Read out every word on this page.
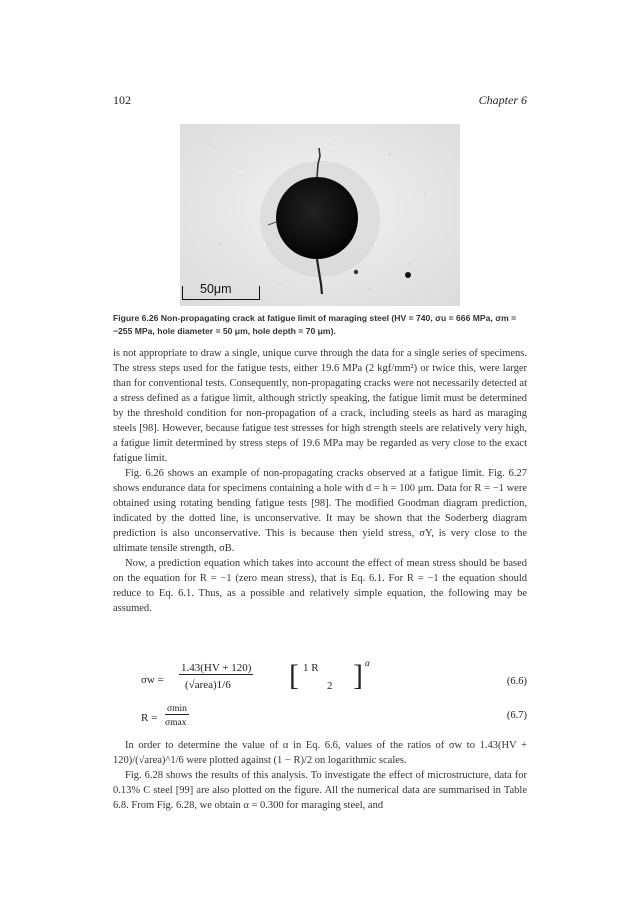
102	Chapter 6
50μm
Figure 6.26 Non-propagating crack at fatigue limit of maraging steel (HV = 740, σu = 666 MPa, σm = −255 MPa, hole diameter = 50 μm, hole depth = 70 μm).

is not appropriate to draw a single, unique curve through the data for a single series of specimens. The stress steps used for the fatigue tests, either 19.6 MPa (2 kgf/mm²) or twice this, were larger than for conventional tests. Consequently, non-propagating cracks were not necessarily detected at a stress defined as a fatigue limit, although strictly speaking, the fatigue limit must be determined by the threshold condition for non-propagation of a crack, including steels as hard as maraging steels [98]. However, because fatigue test stresses for high strength steels are relatively very high, a fatigue limit determined by stress steps of 19.6 MPa may be regarded as very close to the exact fatigue limit.

Fig. 6.26 shows an example of non-propagating cracks observed at a fatigue limit. Fig. 6.27 shows endurance data for specimens containing a hole with d = h = 100 μm. Data for R = −1 were obtained using rotating bending fatigue tests [98]. The modified Goodman diagram prediction, indicated by the dotted line, is unconservative. It may be shown that the Soderberg diagram prediction is also unconservative. This is because then yield stress, σY, is very close to the ultimate tensile strength, σB.

Now, a prediction equation which takes into account the effect of mean stress should be based on the equation for R = −1 (zero mean stress), that is Eq. 6.1. For R = −1 the equation should reduce to Eq. 6.1. Thus, as a possible and relatively simple equation, the following may be assumed.

σw =
1.43(HV + 120)
(√area)1/6 [ 1 R
2 ] α
(6.6)
R =
σmin
σmax
(6.7)

In order to determine the value of α in Eq. 6.6, values of the ratios of σw to 1.43(HV + 120)/(√area)^1/6 were plotted against (1 − R)/2 on logarithmic scales.

Fig. 6.28 shows the results of this analysis. To investigate the effect of microstructure, data for 0.13% C steel [99] are also plotted on the figure. All the numerical data are summarised in Table 6.8. From Fig. 6.28, we obtain α = 0.300 for maraging steel, and
